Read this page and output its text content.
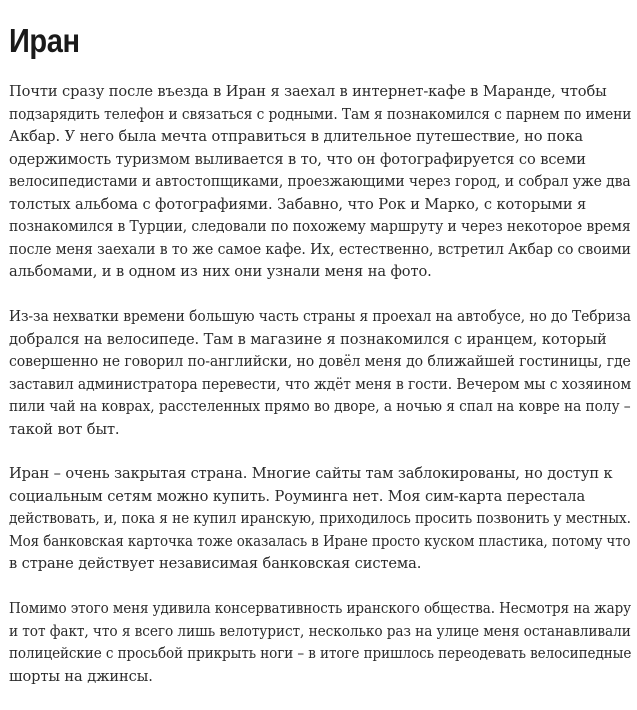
Иран

Почти сразу после въезда в Иран я заехал в интернет-кафе в Маранде, чтобы
подзарядить телефон и связаться с родными. Там я познакомился с парнем по имени
Акбар. У него была мечта отправиться в длительное путешествие, но пока
одержимость туризмом выливается в то, что он фотографируется со всеми
велосипедистами и автостопщиками, проезжающими через город, и собрал уже два
толстых альбома с фотографиями. Забавно, что Рок и Марко, с которыми я
познакомился в Турции, следовали по похожему маршруту и через некоторое время
после меня заехали в то же самое кафе. Их, естественно, встретил Акбар со своими
альбомами, и в одном из них они узнали меня на фото.

Из-за нехватки времени большую часть страны я проехал на автобусе, но до Тебриза
добрался на велосипеде. Там в магазине я познакомился с иранцем, который
совершенно не говорил по-английски, но довёл меня до ближайшей гостиницы, где
заставил администратора перевести, что ждёт меня в гости. Вечером мы с хозяином
пили чай на коврах, расстеленных прямо во дворе, а ночью я спал на ковре на полу –
такой вот быт.

Иран – очень закрытая страна. Многие сайты там заблокированы, но доступ к
социальным сетям можно купить. Роуминга нет. Моя сим-карта перестала
действовать, и, пока я не купил иранскую, приходилось просить позвонить у местных.
Моя банковская карточка тоже оказалась в Иране просто куском пластика, потому что
в стране действует независимая банковская система.

Помимо этого меня удивила консервативность иранского общества. Несмотря на жару
и тот факт, что я всего лишь велотурист, несколько раз на улице меня останавливали
полицейские с просьбой прикрыть ноги – в итоге пришлось переодевать велосипедные
шорты на джинсы.
